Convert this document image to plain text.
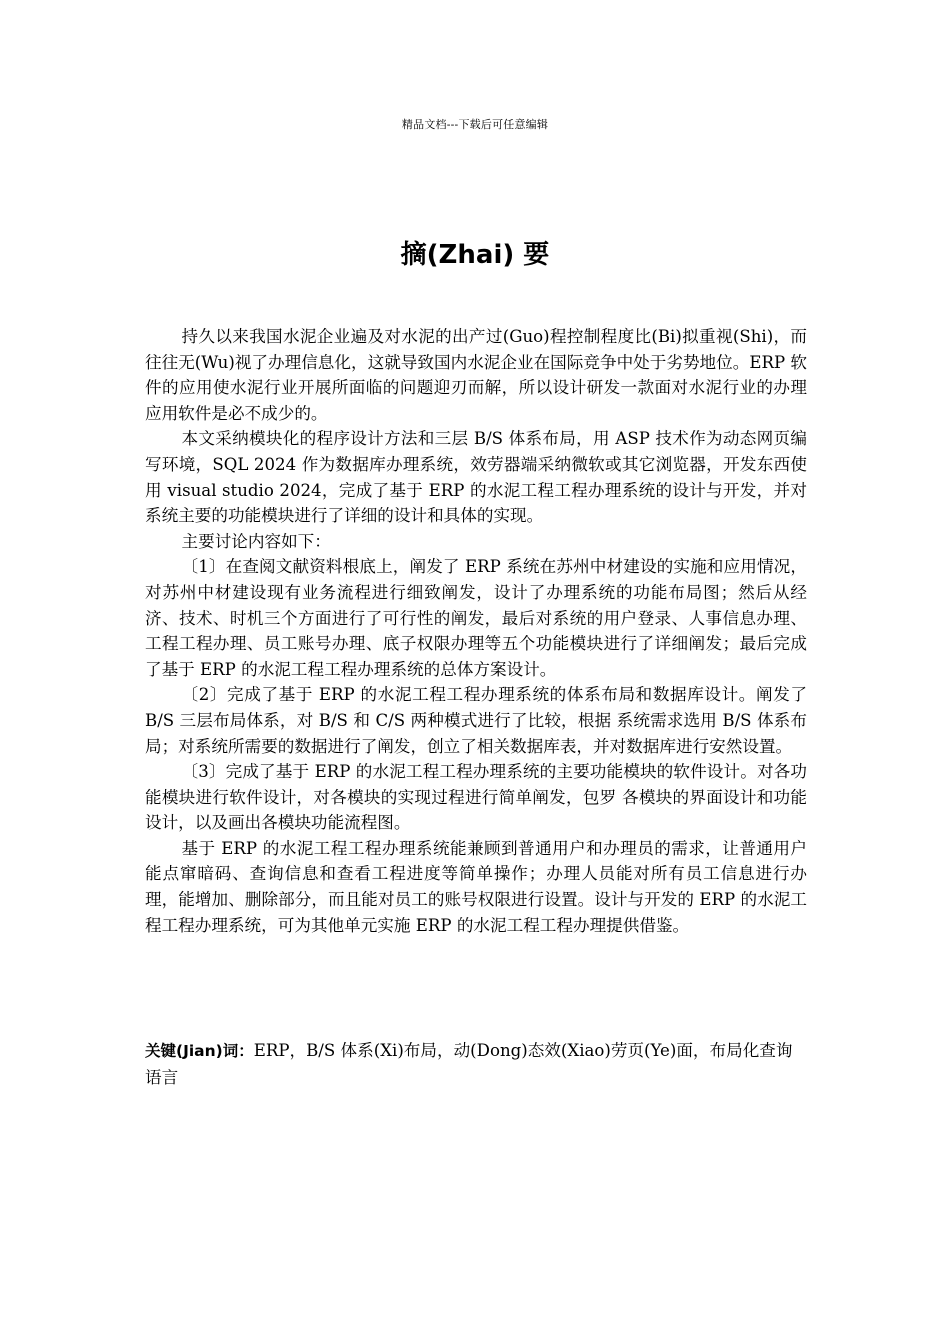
精品文档---下载后可任意编辑
摘(Zhai) 要

持久以来我国水泥企业遍及对水泥的出产过(Guo)程控制程度比(Bi)拟重视(Shi)，而往往无(Wu)视了办理信息化，这就导致国内水泥企业在国际竞争中处于劣势地位。ERP 软件的应用使水泥行业开展所面临的问题迎刃而解，所以设计研发一款面对水泥行业的办理应用软件是必不成少的。

本文采纳模块化的程序设计方法和三层 B/S 体系布局，用 ASP 技术作为动态网页编写环境，SQL 2024 作为数据库办理系统，效劳器端采纳微软或其它浏览器，开发东西使用 visual studio 2024，完成了基于 ERP 的水泥工程工程办理系统的设计与开发，并对系统主要的功能模块进行了详细的设计和具体的实现。

主要讨论内容如下：

〔1〕在查阅文献资料根底上，阐发了 ERP 系统在苏州中材建设的实施和应用情况，对苏州中材建设现有业务流程进行细致阐发，设计了办理系统的功能布局图；然后从经济、技术、时机三个方面进行了可行性的阐发，最后对系统的用户登录、人事信息办理、工程工程办理、员工账号办理、底子权限办理等五个功能模块进行了详细阐发；最后完成了基于 ERP 的水泥工程工程办理系统的总体方案设计。

〔2〕完成了基于 ERP 的水泥工程工程办理系统的体系布局和数据库设计。阐发了 B/S 三层布局体系，对 B/S 和 C/S 两种模式进行了比较，根据 系统需求选用 B/S 体系布局；对系统所需要的数据进行了阐发，创立了相关数据库表，并对数据库进行安然设置。

〔3〕完成了基于 ERP 的水泥工程工程办理系统的主要功能模块的软件设计。对各功能模块进行软件设计，对各模块的实现过程进行简单阐发，包罗 各模块的界面设计和功能设计，以及画出各模块功能流程图。

基于 ERP 的水泥工程工程办理系统能兼顾到普通用户和办理员的需求，让普通用户能点窜暗码、查询信息和查看工程进度等简单操作；办理人员能对所有员工信息进行办理，能增加、删除部分，而且能对员工的账号权限进行设置。设计与开发的 ERP 的水泥工程工程办理系统，可为其他单元实施 ERP 的水泥工程工程办理提供借鉴。

关键(Jian)词：ERP，B/S 体系(Xi)布局，动(Dong)态效(Xiao)劳页(Ye)面，布局化查询语言
